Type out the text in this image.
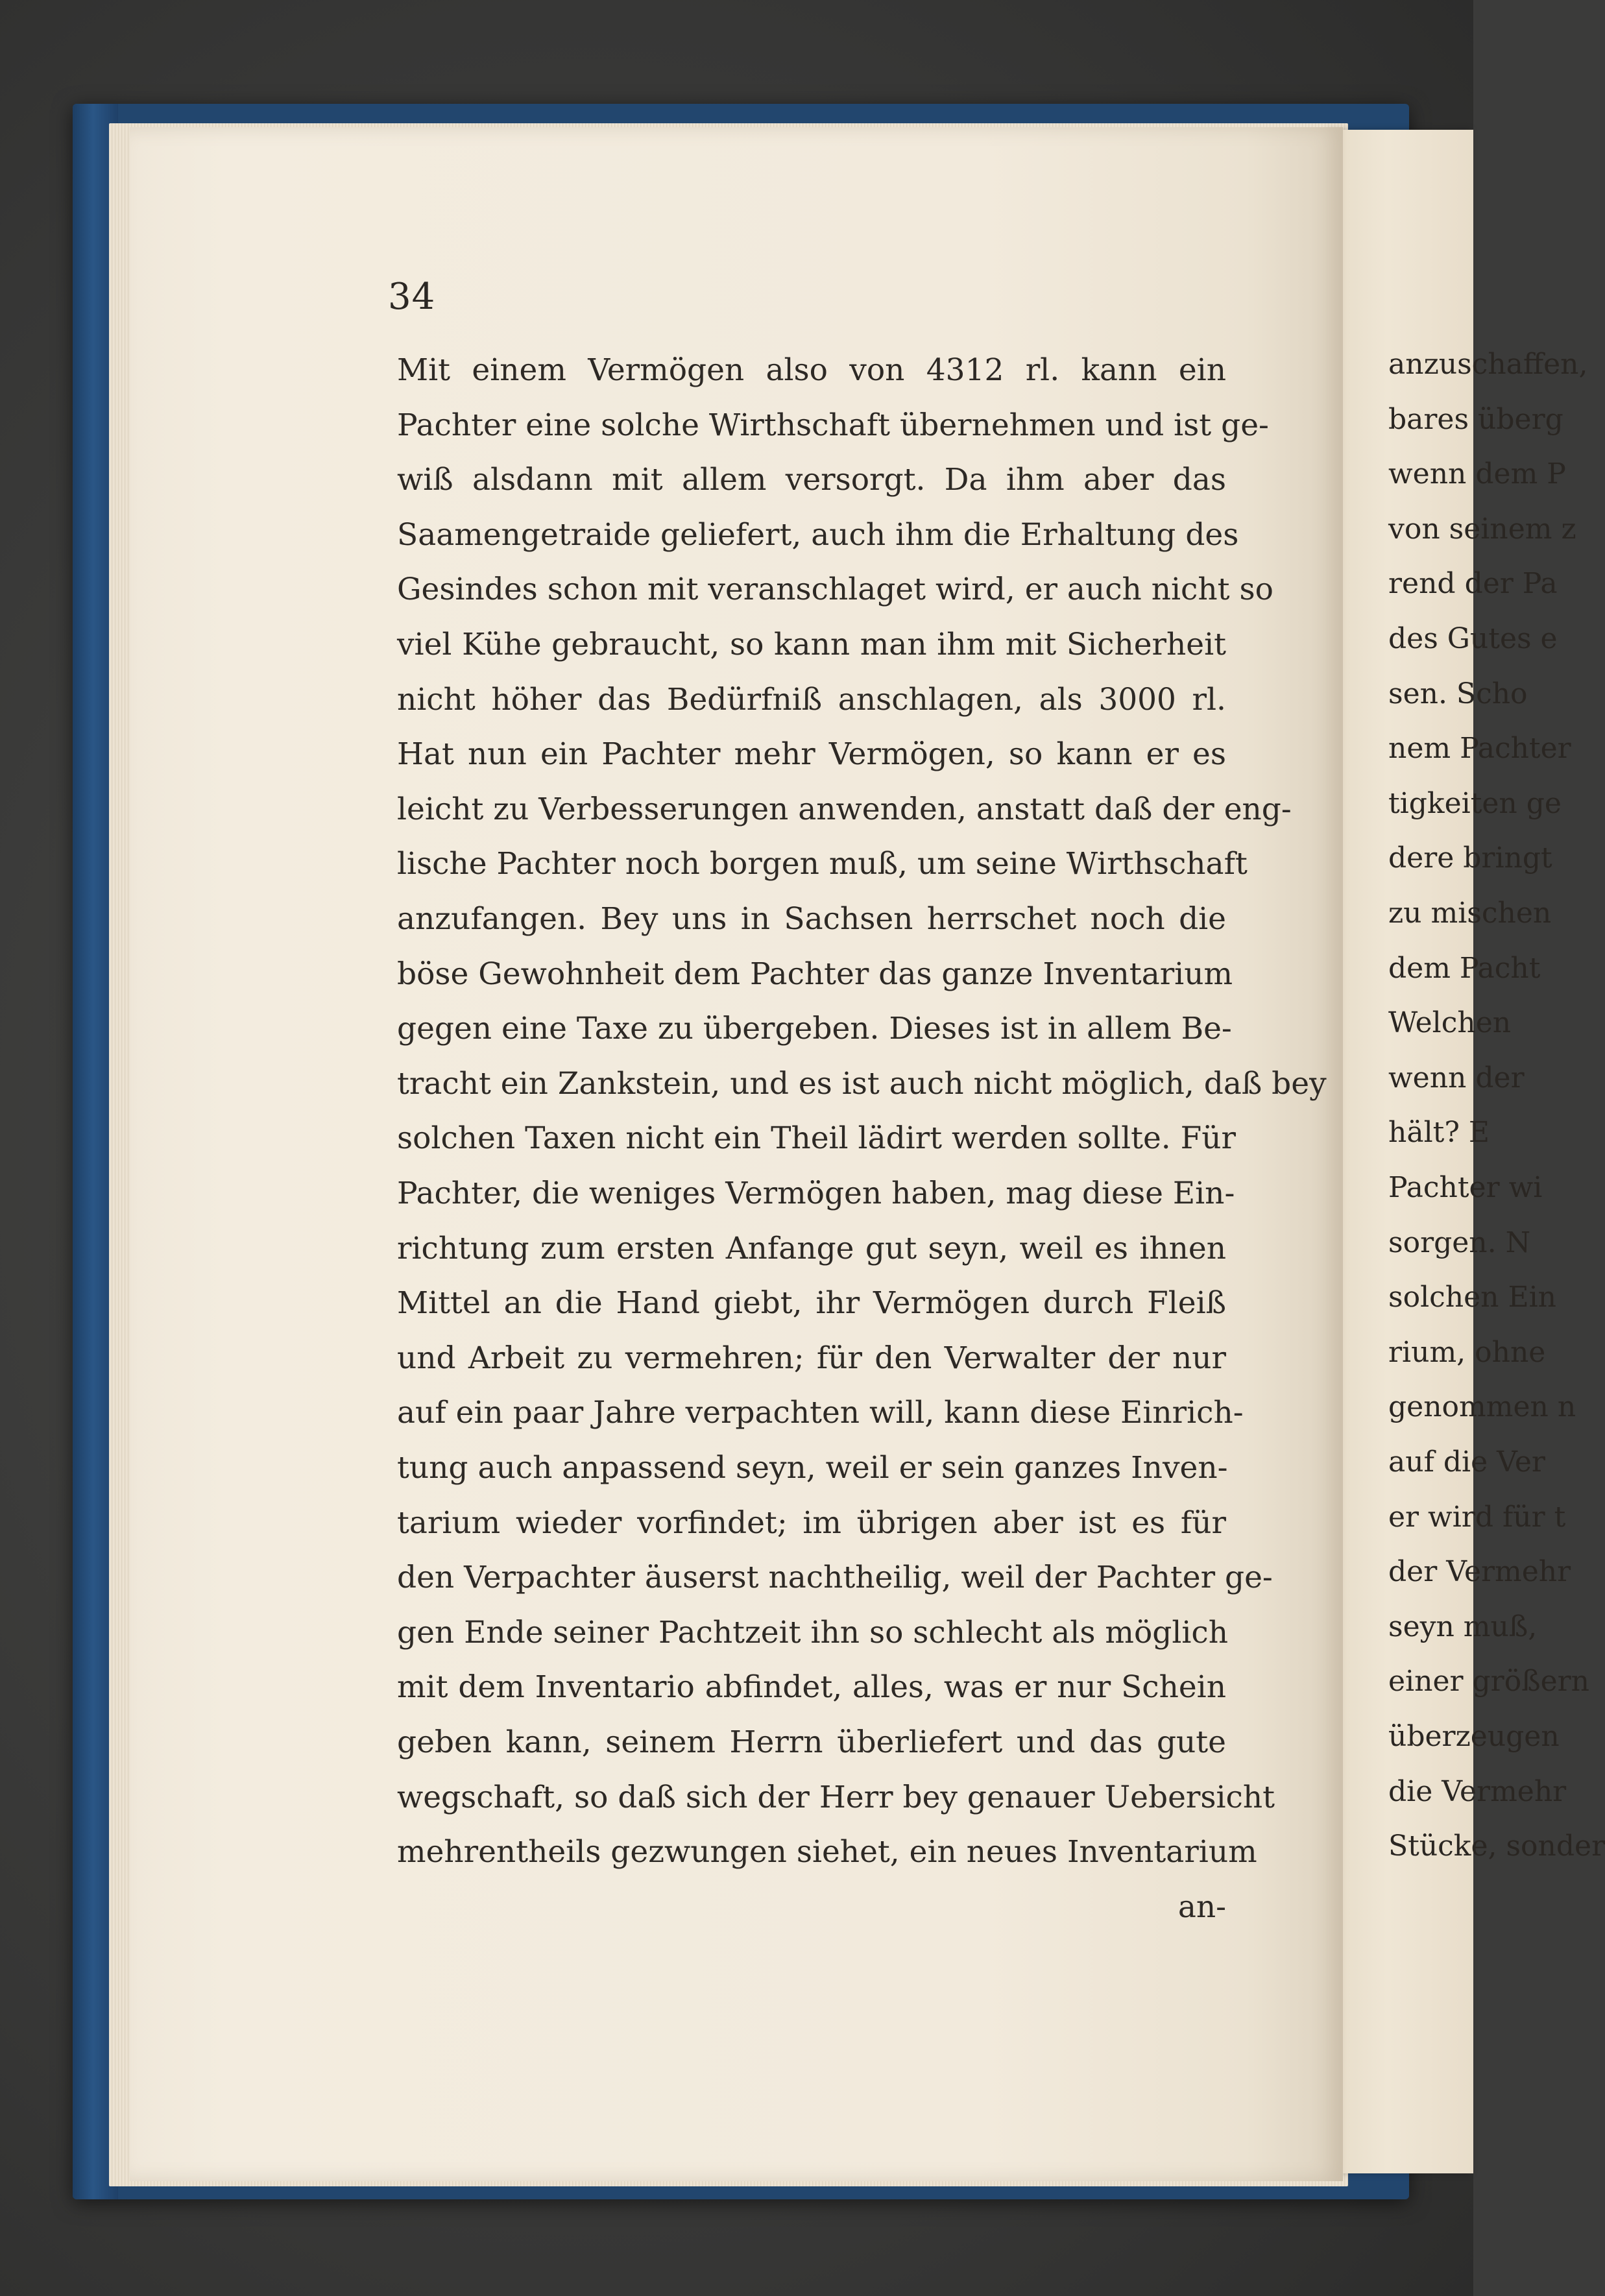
anzuschaffen,
bares überg
wenn dem P
von seinem z
rend der Pa
des Gutes e
sen. Scho
nem Pachter
tigkeiten ge
dere bringt
zu mischen
dem Pacht
Welchen
wenn der
hält? E
Pachter wi
sorgen. N
solchen Ein
rium, ohne
genommen n
auf die Ver
er wird für t
der Vermehr
seyn muß,
einer größern
überzeugen
die Vermehr
Stücke, sonder
34
Mit einem Vermögen also von 4312 rl. kann ein
Pachter eine solche Wirthschaft übernehmen und ist ge-
wiß alsdann mit allem versorgt. Da ihm aber das
Saamengetraide geliefert, auch ihm die Erhaltung des
Gesindes schon mit veranschlaget wird, er auch nicht so
viel Kühe gebraucht, so kann man ihm mit Sicherheit
nicht höher das Bedürfniß anschlagen, als 3000 rl.
Hat nun ein Pachter mehr Vermögen, so kann er es
leicht zu Verbesserungen anwenden, anstatt daß der eng-
lische Pachter noch borgen muß, um seine Wirthschaft
anzufangen. Bey uns in Sachsen herrschet noch die
böse Gewohnheit dem Pachter das ganze Inventarium
gegen eine Taxe zu übergeben. Dieses ist in allem Be-
tracht ein Zankstein, und es ist auch nicht möglich, daß bey
solchen Taxen nicht ein Theil lädirt werden sollte. Für
Pachter, die weniges Vermögen haben, mag diese Ein-
richtung zum ersten Anfange gut seyn, weil es ihnen
Mittel an die Hand giebt, ihr Vermögen durch Fleiß
und Arbeit zu vermehren; für den Verwalter der nur
auf ein paar Jahre verpachten will, kann diese Einrich-
tung auch anpassend seyn, weil er sein ganzes Inven-
tarium wieder vorfindet; im übrigen aber ist es für
den Verpachter äuserst nachtheilig, weil der Pachter ge-
gen Ende seiner Pachtzeit ihn so schlecht als möglich
mit dem Inventario abfindet, alles, was er nur Schein
geben kann, seinem Herrn überliefert und das gute
wegschaft, so daß sich der Herr bey genauer Uebersicht
mehrentheils gezwungen siehet, ein neues Inventarium
an-
